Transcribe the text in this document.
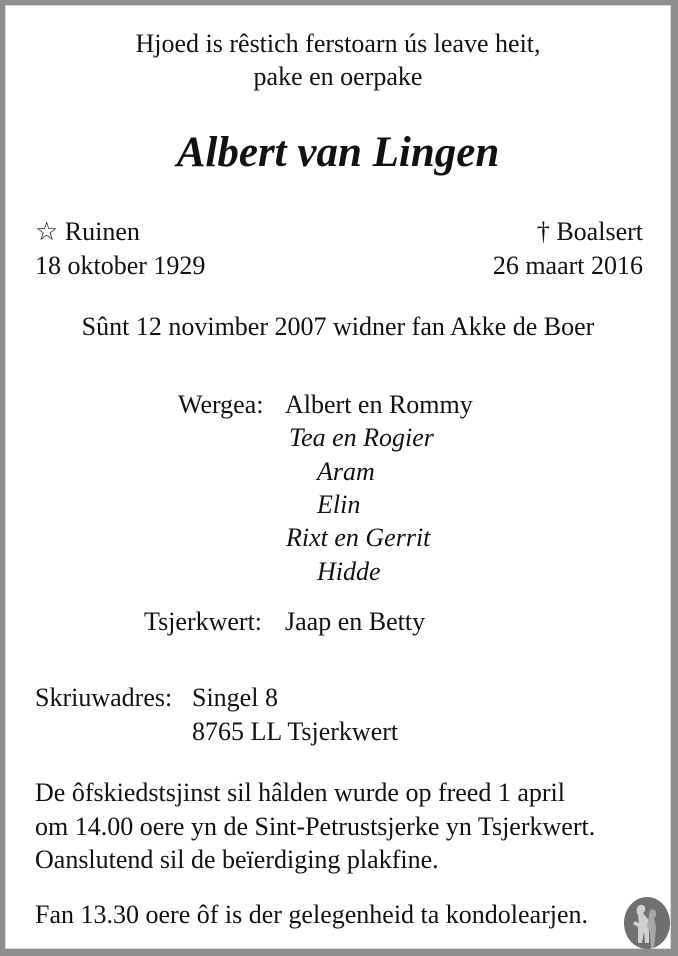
Hjoed is rêstich ferstoarn ús leave heit,
pake en oerpake
Albert van Lingen
☆ Ruinen
18 oktober 1929
† Boalsert
26 maart 2016
Sûnt 12 novimber 2007 widner fan Akke de Boer
Wergea: Albert en Rommy
Tea en Rogier
Aram
Elin
Rixt en Gerrit
Hidde
Tsjerkwert: Jaap en Betty
Skriuwadres: Singel 8
8765 LL Tsjerkwert
De ôfskiedstsjinst sil hâlden wurde op freed 1 april
om 14.00 oere yn de Sint-Petrustsjerke yn Tsjerkwert.
Oanslutend sil de beïerdiging plakfine.
Fan 13.30 oere ôf is der gelegenheid ta kondolearjen.
